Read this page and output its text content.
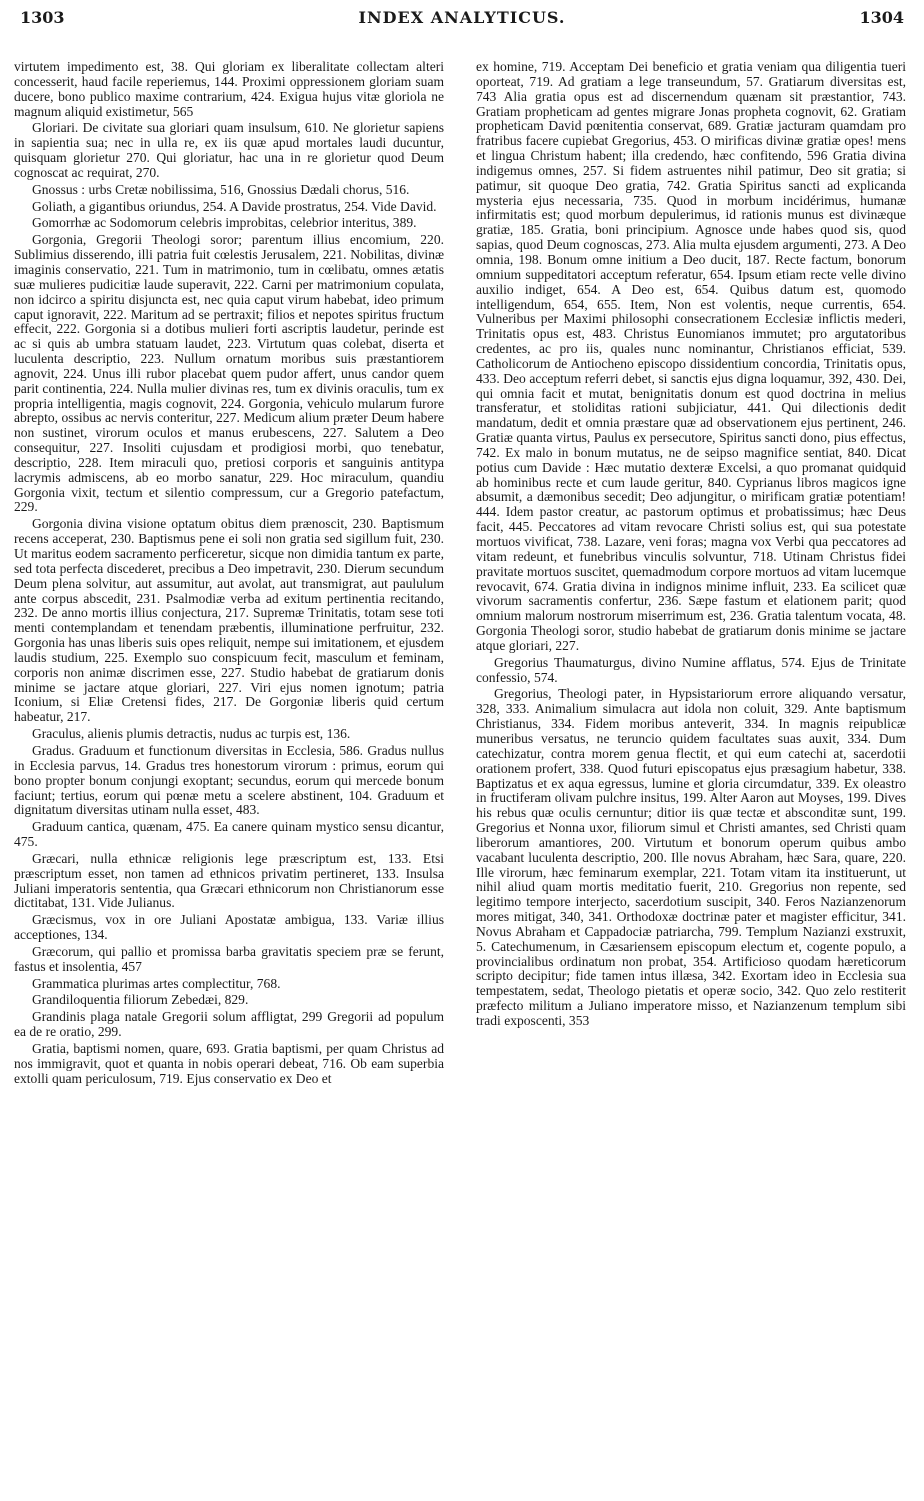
1303	INDEX ANALYTICUS.	1304

virtutem impedimento est, 38. Qui gloriam ex liberalitate collectam alteri concesserit, haud facile reperiemus, 144. Proximi oppressionem gloriam suam ducere, bono publico maxime contrarium, 424. Exigua hujus vitæ gloriola ne magnum aliquid existimetur, 565

Gloriari. De civitate sua gloriari quam insulsum, 610. Ne glorietur sapiens in sapientia sua; nec in ulla re, ex iis quæ apud mortales laudi ducuntur, quisquam glorietur 270. Qui gloriatur, hac una in re glorietur quod Deum cognoscat ac requirat, 270.

Gnossus : urbs Cretæ nobilissima, 516, Gnossius Dædali chorus, 516.

Goliath, a gigantibus oriundus, 254. A Davide prostratus, 254. Vide David.

Gomorrhæ ac Sodomorum celebris improbitas, celebrior interitus, 389.

Gorgonia, Gregorii Theologi soror; parentum illius encomium, 220. Sublimius disserendo, illi patria fuit cœlestis Jerusalem, 221. Nobilitas, divinæ imaginis conservatio, 221. Tum in matrimonio, tum in cœlibatu, omnes ætatis suæ mulieres pudicitiæ laude superavit, 222. Carni per matrimonium copulata, non idcirco a spiritu disjuncta est, nec quia caput virum habebat, ideo primum caput ignoravit, 222. Maritum ad se pertraxit; filios et nepotes spiritus fructum effecit, 222. Gorgonia si a dotibus mulieri forti ascriptis laudetur, perinde est ac si quis ab umbra statuam laudet, 223. Virtutum quas colebat, diserta et luculenta descriptio, 223. Nullum ornatum moribus suis præstantiorem agnovit, 224. Unus illi rubor placebat quem pudor affert, unus candor quem parit continentia, 224. Nulla mulier divinas res, tum ex divinis oraculis, tum ex propria intelligentia, magis cognovit, 224. Gorgonia, vehiculo mularum furore abrepto, ossibus ac nervis conteritur, 227. Medicum alium præter Deum habere non sustinet, virorum oculos et manus erubescens, 227. Salutem a Deo consequitur, 227. Insoliti cujusdam et prodigiosi morbi, quo tenebatur, descriptio, 228. Item miraculi quo, pretiosi corporis et sanguinis antitypa lacrymis admiscens, ab eo morbo sanatur, 229. Hoc miraculum, quandiu Gorgonia vixit, tectum et silentio compressum, cur a Gregorio patefactum, 229.

Gorgonia divina visione optatum obitus diem prænoscit, 230. Baptismum recens acceperat, 230. Baptismus pene ei soli non gratia sed sigillum fuit, 230. Ut maritus eodem sacramento perficeretur, sicque non dimidia tantum ex parte, sed tota perfecta discederet, precibus a Deo impetravit, 230. Dierum secundum Deum plena solvitur, aut assumitur, aut avolat, aut transmigrat, aut paululum ante corpus abscedit, 231. Psalmodiæ verba ad exitum pertinentia recitando, 232. De anno mortis illius conjectura, 217. Supremæ Trinitatis, totam sese toti menti contemplandam et tenendam præbentis, illuminatione perfruitur, 232. Gorgonia has unas liberis suis opes reliquit, nempe sui imitationem, et ejusdem laudis studium, 225. Exemplo suo conspicuum fecit, masculum et feminam, corporis non animæ discrimen esse, 227. Studio habebat de gratiarum donis minime se jactare atque gloriari, 227. Viri ejus nomen ignotum; patria Iconium, si Eliæ Cretensi fides, 217. De Gorgoniæ liberis quid certum habeatur, 217.

Graculus, alienis plumis detractis, nudus ac turpis est, 136.

Gradus. Graduum et functionum diversitas in Ecclesia, 586. Gradus nullus in Ecclesia parvus, 14. Gradus tres honestorum virorum : primus, eorum qui bono propter bonum conjungi exoptant; secundus, eorum qui mercede bonum faciunt; tertius, eorum qui pœnæ metu a scelere abstinent, 104. Graduum et dignitatum diversitas utinam nulla esset, 483.

Graduum cantica, quænam, 475. Ea canere quinam mystico sensu dicantur, 475.

Græcari, nulla ethnicæ religionis lege præscriptum est, 133. Etsi præscriptum esset, non tamen ad ethnicos privatim pertineret, 133. Insulsa Juliani imperatoris sententia, qua Græcari ethnicorum non Christianorum esse dictitabat, 131. Vide Julianus.

Græcismus, vox in ore Juliani Apostatæ ambigua, 133. Variæ illius acceptiones, 134.

Græcorum, qui pallio et promissa barba gravitatis speciem præ se ferunt, fastus et insolentia, 457

Grammatica plurimas artes complectitur, 768.

Grandiloquentia filiorum Zebedæi, 829.

Grandinis plaga natale Gregorii solum affligtat, 299 Gregorii ad populum ea de re oratio, 299.

Gratia, baptismi nomen, quare, 693. Gratia baptismi, per quam Christus ad nos immigravit, quot et quanta in nobis operari debeat, 716. Ob eam superbia extolli quam periculosum, 719. Ejus conservatio ex Deo et

ex homine, 719. Acceptam Dei beneficio et gratia veniam qua diligentia tueri oporteat, 719. Ad gratiam a lege transeundum, 57. Gratiarum diversitas est, 743 Alia gratia opus est ad discernendum quænam sit præstantior, 743. Gratiam propheticam ad gentes migrare Jonas propheta cognovit, 62. Gratiam propheticam David pœnitentia conservat, 689. Gratiæ jacturam quamdam pro fratribus facere cupiebat Gregorius, 453. O mirificas divinæ gratiæ opes! mens et lingua Christum habent; illa credendo, hæc confitendo, 596 Gratia divina indigemus omnes, 257. Si fidem astruentes nihil patimur, Deo sit gratia; si patimur, sit quoque Deo gratia, 742. Gratia Spiritus sancti ad explicanda mysteria ejus necessaria, 735. Quod in morbum incidérimus, humanæ infirmitatis est; quod morbum depulerimus, id rationis munus est divinæque gratiæ, 185. Gratia, boni principium. Agnosce unde habes quod sis, quod sapias, quod Deum cognoscas, 273. Alia multa ejusdem argumenti, 273. A Deo omnia, 198. Bonum omne initium a Deo ducit, 187. Recte factum, bonorum omnium suppeditatori acceptum referatur, 654. Ipsum etiam recte velle divino auxilio indiget, 654. A Deo est, 654. Quibus datum est, quomodo intelligendum, 654, 655. Item, Non est volentis, neque currentis, 654. Vulneribus per Maximi philosophi consecrationem Ecclesiæ inflictis mederi, Trinitatis opus est, 483. Christus Eunomianos immutet; pro argutatoribus credentes, ac pro iis, quales nunc nominantur, Christianos efficiat, 539. Catholicorum de Antiocheno episcopo dissidentium concordia, Trinitatis opus, 433. Deo acceptum referri debet, si sanctis ejus digna loquamur, 392, 430. Dei, qui omnia facit et mutat, benignitatis donum est quod doctrina in melius transferatur, et stoliditas rationi subjiciatur, 441. Qui dilectionis dedit mandatum, dedit et omnia præstare quæ ad observationem ejus pertinent, 246. Gratiæ quanta virtus, Paulus ex persecutore, Spiritus sancti dono, pius effectus, 742. Ex malo in bonum mutatus, ne de seipso magnifice sentiat, 840. Dicat potius cum Davide : Hæc mutatio dexteræ Excelsi, a quo promanat quidquid ab hominibus recte et cum laude geritur, 840. Cyprianus libros magicos igne absumit, a dæmonibus secedit; Deo adjungitur, o mirificam gratiæ potentiam! 444. Idem pastor creatur, ac pastorum optimus et probatissimus; hæc Deus facit, 445. Peccatores ad vitam revocare Christi solius est, qui sua potestate mortuos vivificat, 738. Lazare, veni foras; magna vox Verbi qua peccatores ad vitam redeunt, et funebribus vinculis solvuntur, 718. Utinam Christus fidei pravitate mortuos suscitet, quemadmodum corpore mortuos ad vitam lucemque revocavit, 674. Gratia divina in indignos minime influit, 233. Ea scilicet quæ vivorum sacramentis confertur, 236. Sæpe fastum et elationem parit; quod omnium malorum nostrorum miserrimum est, 236. Gratia talentum vocata, 48. Gorgonia Theologi soror, studio habebat de gratiarum donis minime se jactare atque gloriari, 227.

Gregorius Thaumaturgus, divino Numine afflatus, 574. Ejus de Trinitate confessio, 574.

Gregorius, Theologi pater, in Hypsistariorum errore aliquando versatur, 328, 333. Animalium simulacra aut idola non coluit, 329. Ante baptismum Christianus, 334. Fidem moribus anteverit, 334. In magnis reipublicæ muneribus versatus, ne teruncio quidem facultates suas auxit, 334. Dum catechizatur, contra morem genua flectit, et qui eum catechi at, sacerdotii orationem profert, 338. Quod futuri episcopatus ejus præsagium habetur, 338. Baptizatus et ex aqua egressus, lumine et gloria circumdatur, 339. Ex oleastro in fructiferam olivam pulchre insitus, 199. Alter Aaron aut Moyses, 199. Dives his rebus quæ oculis cernuntur; ditior iis quæ tectæ et absconditæ sunt, 199. Gregorius et Nonna uxor, filiorum simul et Christi amantes, sed Christi quam liberorum amantiores, 200. Virtutum et bonorum operum quibus ambo vacabant luculenta descriptio, 200. Ille novus Abraham, hæc Sara, quare, 220. Ille virorum, hæc feminarum exemplar, 221. Totam vitam ita instituerunt, ut nihil aliud quam mortis meditatio fuerit, 210. Gregorius non repente, sed legitimo tempore interjecto, sacerdotium suscipit, 340. Feros Nazianzenorum mores mitigat, 340, 341. Orthodoxæ doctrinæ pater et magister efficitur, 341. Novus Abraham et Cappadociæ patriarcha, 799. Templum Nazianzi exstruxit, 5. Catechumenum, in Cæsariensem episcopum electum et, cogente populo, a provincialibus ordinatum non probat, 354. Artificioso quodam hæreticorum scripto decipitur; fide tamen intus illæsa, 342. Exortam ideo in Ecclesia sua tempestatem, sedat, Theologo pietatis et operæ socio, 342. Quo zelo restiterit præfecto militum a Juliano imperatore misso, et Nazianzenum templum sibi tradi exposcenti, 353
